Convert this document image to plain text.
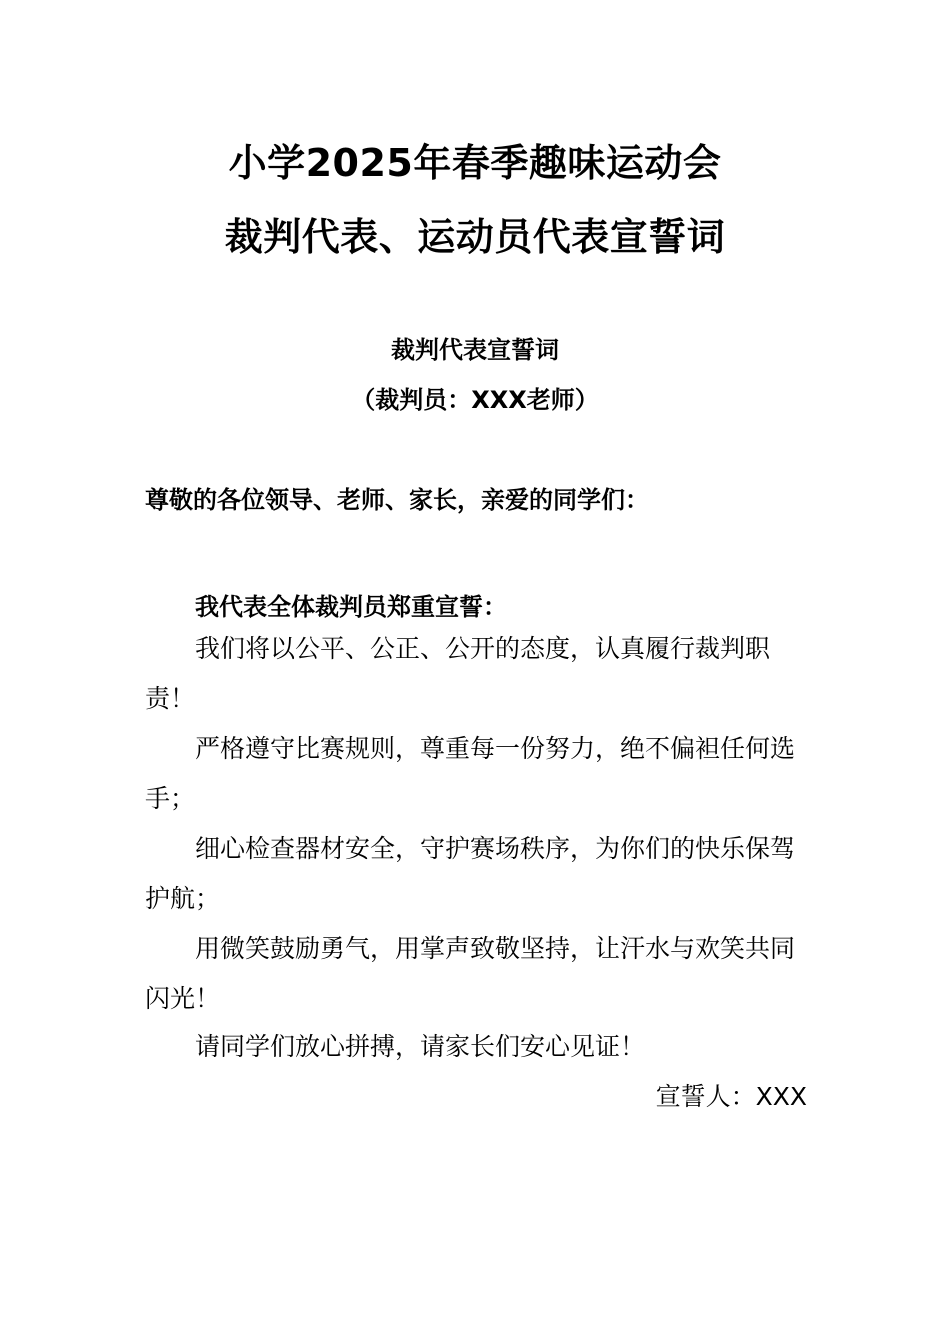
小学2025年春季趣味运动会
裁判代表、运动员代表宣誓词
裁判代表宣誓词
（裁判员：XXX老师）
尊敬的各位领导、老师、家长，亲爱的同学们：
我代表全体裁判员郑重宣誓：
我们将以公平、公正、公开的态度，认真履行裁判职责！
严格遵守比赛规则，尊重每一份努力，绝不偏袒任何选手；
细心检查器材安全，守护赛场秩序，为你们的快乐保驾护航；
用微笑鼓励勇气，用掌声致敬坚持，让汗水与欢笑共同闪光！
请同学们放心拼搏，请家长们安心见证！
宣誓人：XXX
